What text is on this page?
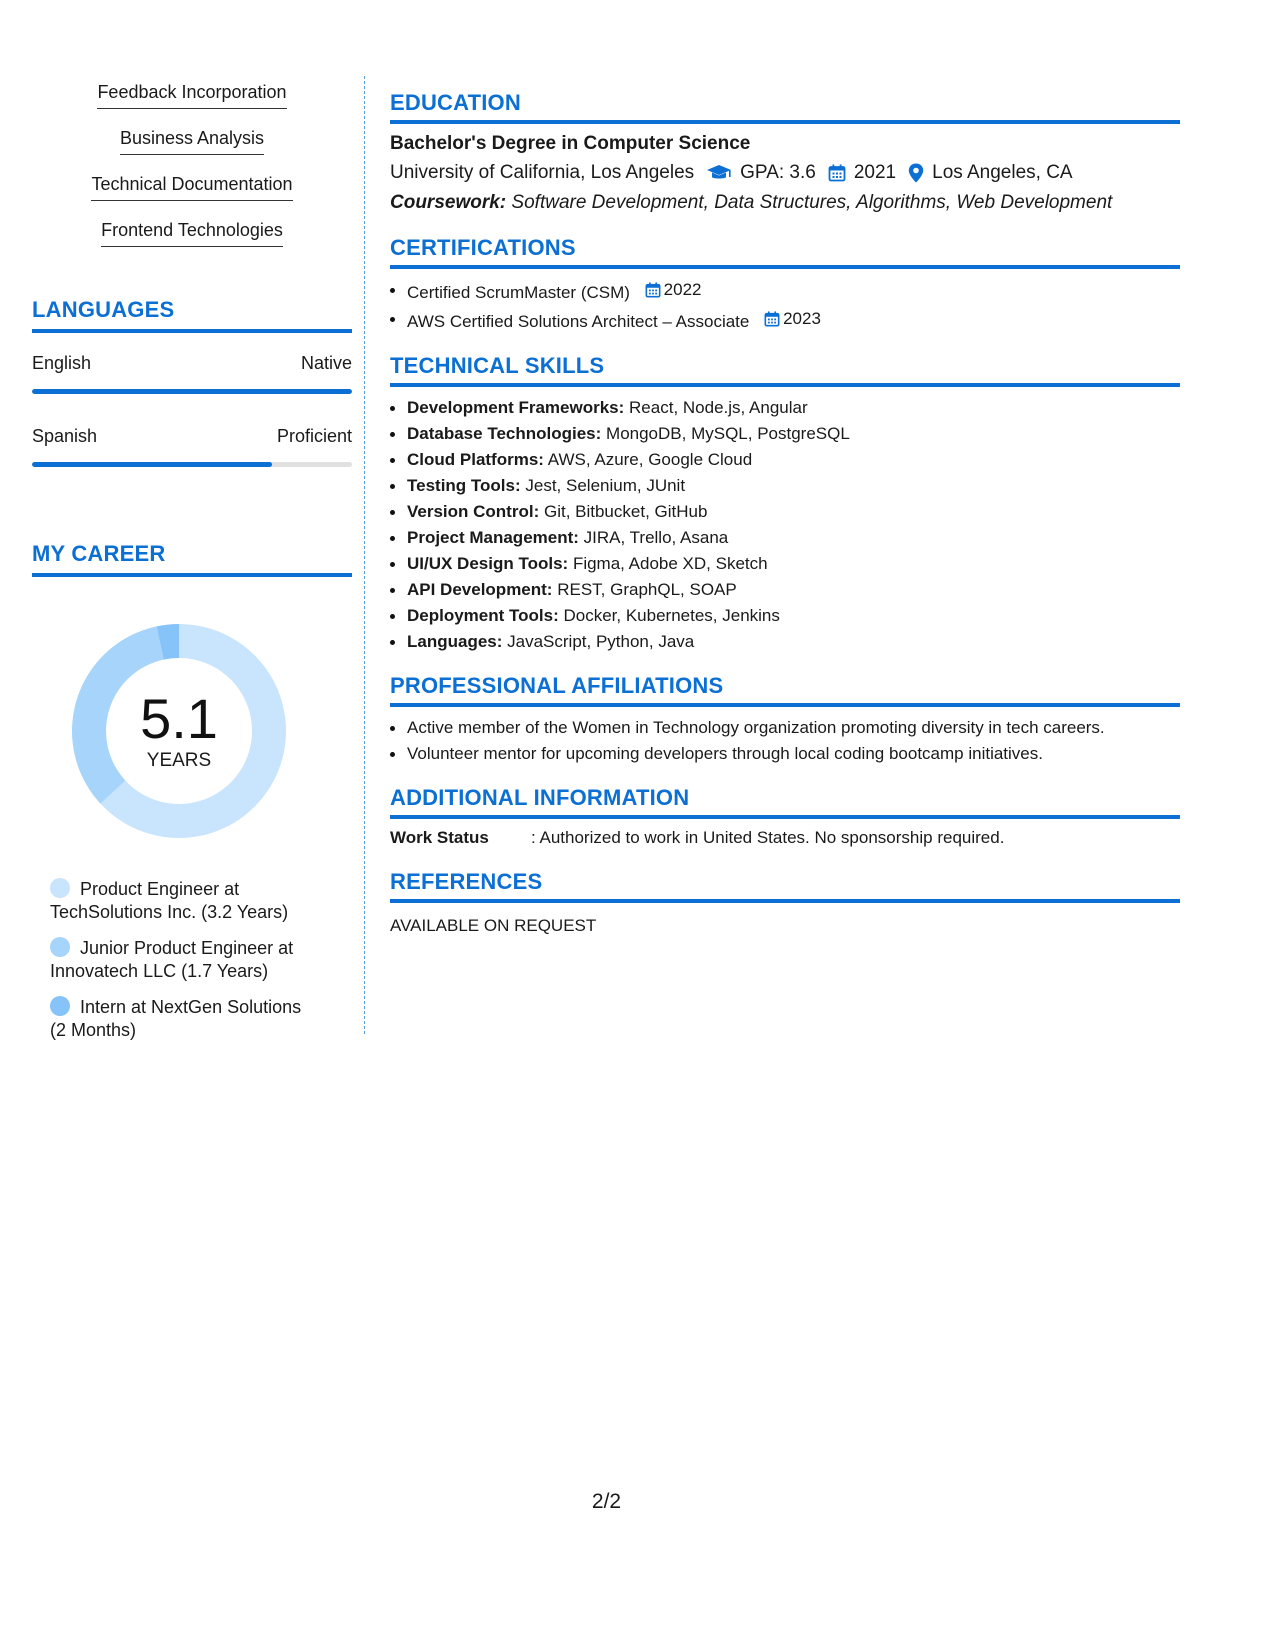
Feedback Incorporation
Business Analysis
Technical Documentation
Frontend Technologies
LANGUAGES
English	Native
Spanish	Proficient
MY CAREER
5.1
YEARS
Product Engineer at TechSolutions Inc. (3.2 Years)
Junior Product Engineer at Innovatech LLC (1.7 Years)
Intern at NextGen Solutions (2 Months)
EDUCATION
Bachelor's Degree in Computer Science
University of California, Los Angeles GPA: 3.6 2021 Los Angeles, CA
Coursework: Software Development, Data Structures, Algorithms, Web Development
CERTIFICATIONS
Certified ScrumMaster (CSM) 2022
AWS Certified Solutions Architect – Associate 2023
TECHNICAL SKILLS
Development Frameworks: React, Node.js, Angular
Database Technologies: MongoDB, MySQL, PostgreSQL
Cloud Platforms: AWS, Azure, Google Cloud
Testing Tools: Jest, Selenium, JUnit
Version Control: Git, Bitbucket, GitHub
Project Management: JIRA, Trello, Asana
UI/UX Design Tools: Figma, Adobe XD, Sketch
API Development: REST, GraphQL, SOAP
Deployment Tools: Docker, Kubernetes, Jenkins
Languages: JavaScript, Python, Java
PROFESSIONAL AFFILIATIONS
Active member of the Women in Technology organization promoting diversity in tech careers.
Volunteer mentor for upcoming developers through local coding bootcamp initiatives.
ADDITIONAL INFORMATION
Work Status	: Authorized to work in United States. No sponsorship required.
REFERENCES
AVAILABLE ON REQUEST
2/2
